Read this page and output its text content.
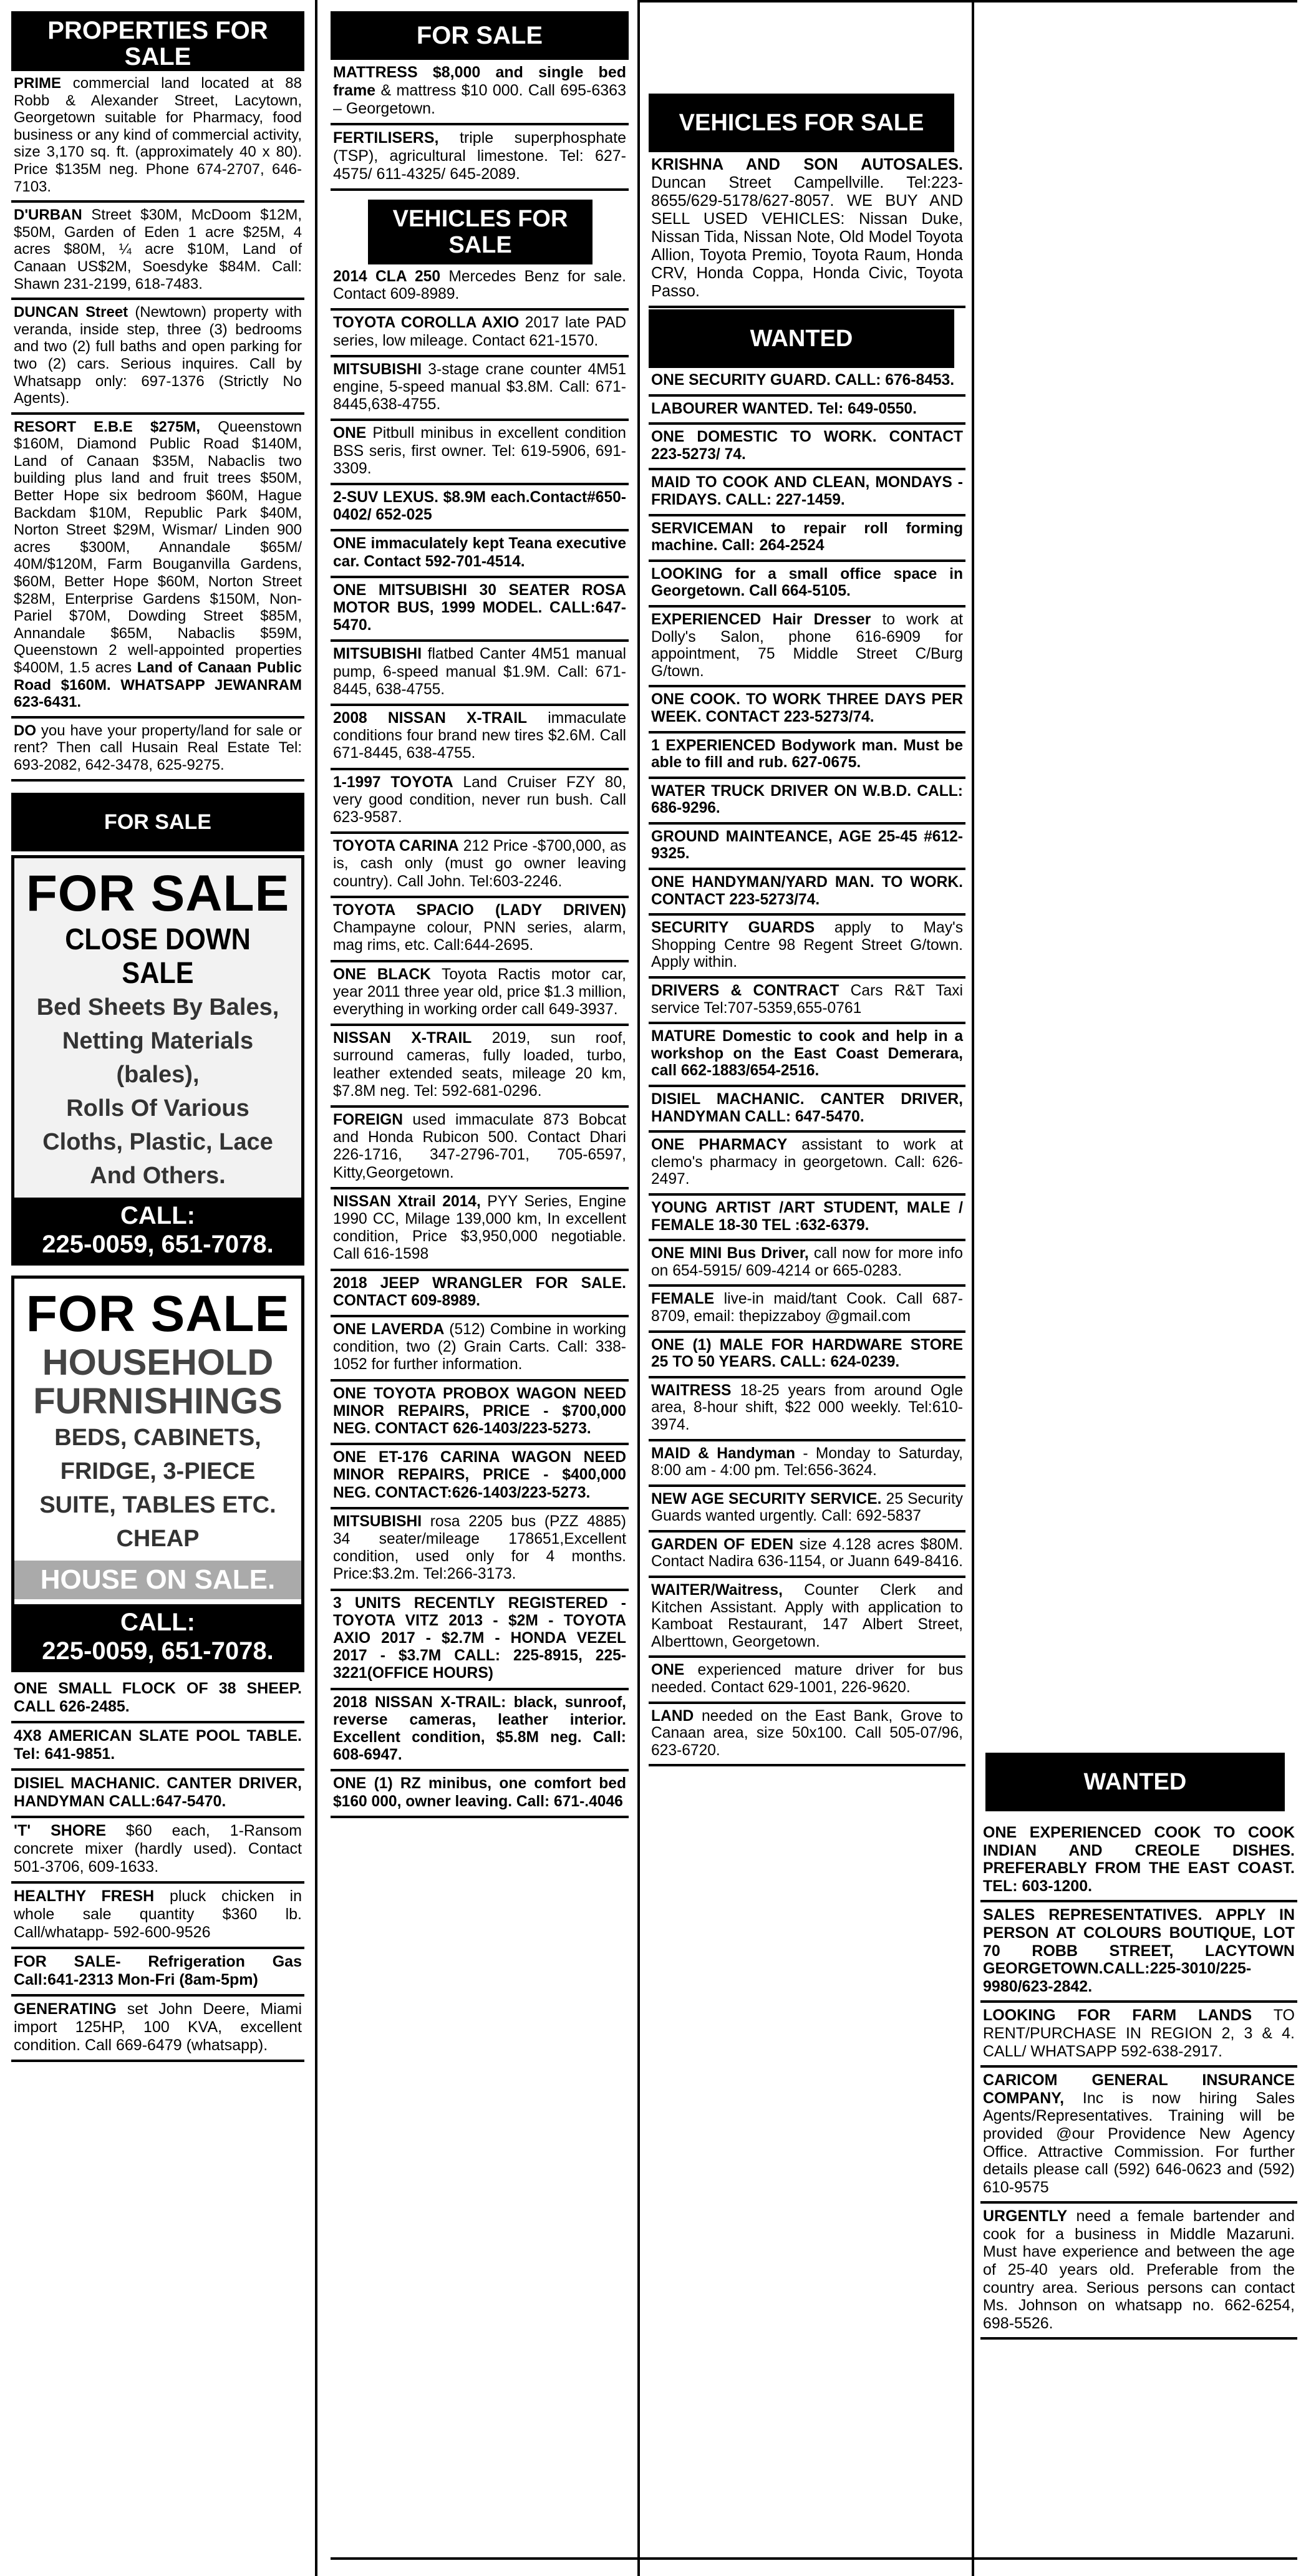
PROPERTIES FOR SALE
PRIME commercial land located at 88 Robb & Alexander Street, Lacytown, Georgetown suitable for Pharmacy, food business or any kind of commercial activity, size 3,170 sq. ft. (approximately 40 x 80). Price $135M neg. Phone 674-2707, 646-7103.
D'URBAN Street $30M, McDoom $12M, $50M, Garden of Eden 1 acre $25M, 4 acres $80M, ¼ acre $10M, Land of Canaan US$2M, Soesdyke $84M. Call: Shawn 231-2199, 618-7483.
DUNCAN Street (Newtown) property with veranda, inside step, three (3) bedrooms and two (2) full baths and open parking for two (2) cars. Serious inquires. Call by Whatsapp only: 697-1376 (Strictly No Agents).
RESORT E.B.E $275M, Queenstown $160M, Diamond Public Road $140M, Land of Canaan $35M, Nabaclis two building plus land and fruit trees $50M, Better Hope six bedroom $60M, Hague Backdam $10M, Republic Park $40M, Norton Street $29M, Wismar/ Linden 900 acres $300M, Annandale $65M/ 40M/$120M, Farm Bouganvilla Gardens, $60M, Better Hope $60M, Norton Street $28M, Enterprise Gardens $150M, Non-Pariel $70M, Dowding Street $85M, Annandale $65M, Nabaclis $59M, Queenstown 2 well-appointed properties $400M, 1.5 acres Land of Canaan Public Road $160M. WHATSAPP JEWANRAM 623-6431.
DO you have your property/land for sale or rent? Then call Husain Real Estate Tel: 693-2082, 642-3478, 625-9275.
FOR SALE
FOR SALE
CLOSE DOWN SALE
Bed Sheets By Bales,
Netting Materials
(bales),
Rolls Of Various
Cloths, Plastic, Lace
And Others.
CALL:
225-0059, 651-7078.
FOR SALE
HOUSEHOLD FURNISHINGS
BEDS, CABINETS,
FRIDGE, 3-PIECE
SUITE, TABLES ETC.
CHEAP
HOUSE ON SALE.
CALL:
225-0059, 651-7078.
ONE SMALL FLOCK OF 38 SHEEP. CALL 626-2485.
4X8 AMERICAN SLATE POOL TABLE. Tel: 641-9851.
DISIEL MACHANIC. CANTER DRIVER, HANDYMAN CALL:647-5470.
'T' SHORE $60 each, 1-Ransom concrete mixer (hardly used). Contact 501-3706, 609-1633.
HEALTHY FRESH pluck chicken in whole sale quantity $360 lb. Call/whatapp- 592-600-9526
FOR SALE- Refrigeration Gas Call:641-2313 Mon-Fri (8am-5pm)
GENERATING set John Deere, Miami import 125HP, 100 KVA, excellent condition. Call 669-6479 (whatsapp).
FOR SALE
MATTRESS $8,000 and single bed frame & mattress $10 000. Call 695-6363 – Georgetown.
FERTILISERS, triple superphosphate (TSP), agricultural limestone. Tel: 627-4575/ 611-4325/ 645-2089.
VEHICLES FOR SALE
2014 CLA 250 Mercedes Benz for sale. Contact 609-8989.
TOYOTA COROLLA AXIO 2017 late PAD series, low mileage. Contact 621-1570.
MITSUBISHI 3-stage crane counter 4M51 engine, 5-speed manual $3.8M. Call: 671-8445,638-4755.
ONE Pitbull minibus in excellent condition BSS seris, first owner. Tel: 619-5906, 691-3309.
2-SUV LEXUS. $8.9M each.Contact#650-0402/ 652-025
ONE immaculately kept Teana executive car. Contact 592-701-4514.
ONE MITSUBISHI 30 SEATER ROSA MOTOR BUS, 1999 MODEL. CALL:647-5470.
MITSUBISHI flatbed Canter 4M51 manual pump, 6-speed manual $1.9M. Call: 671-8445, 638-4755.
2008 NISSAN X-TRAIL immaculate conditions four brand new tires $2.6M. Call 671-8445, 638-4755.
1-1997 TOYOTA Land Cruiser FZY 80, very good condition, never run bush. Call 623-9587.
TOYOTA CARINA 212 Price -$700,000, as is, cash only (must go owner leaving country). Call John. Tel:603-2246.
TOYOTA SPACIO (LADY DRIVEN) Champayne colour, PNN series, alarm, mag rims, etc. Call:644-2695.
ONE BLACK Toyota Ractis motor car, year 2011 three year old, price $1.3 million, everything in working order call 649-3937.
NISSAN X-TRAIL 2019, sun roof, surround cameras, fully loaded, turbo, leather extended seats, mileage 20 km, $7.8M neg. Tel: 592-681-0296.
FOREIGN used immaculate 873 Bobcat and Honda Rubicon 500. Contact Dhari 226-1716, 347-2796-701, 705-6597, Kitty,Georgetown.
NISSAN Xtrail 2014, PYY Series, Engine 1990 CC, Milage 139,000 km, In excellent condition, Price $3,950,000 negotiable. Call 616-1598
2018 JEEP WRANGLER FOR SALE. CONTACT 609-8989.
ONE LAVERDA (512) Combine in working condition, two (2) Grain Carts. Call: 338-1052 for further information.
ONE TOYOTA PROBOX WAGON NEED MINOR REPAIRS, PRICE - $700,000 NEG. CONTACT 626-1403/223-5273.
ONE ET-176 CARINA WAGON NEED MINOR REPAIRS, PRICE - $400,000 NEG. CONTACT:626-1403/223-5273.
MITSUBISHI rosa 2205 bus (PZZ 4885) 34 seater/mileage 178651,Excellent condition, used only for 4 months. Price:$3.2m. Tel:266-3173.
3 UNITS RECENTLY REGISTERED - TOYOTA VITZ 2013 - $2M - TOYOTA AXIO 2017 - $2.7M - HONDA VEZEL 2017 - $3.7M CALL: 225-8915, 225-3221(OFFICE HOURS)
2018 NISSAN X-TRAIL: black, sunroof, reverse cameras, leather interior. Excellent condition, $5.8M neg. Call: 608-6947.
ONE (1) RZ minibus, one comfort bed $160 000, owner leaving. Call: 671-.4046
VEHICLES FOR SALE
KRISHNA AND SON AUTOSALES. Duncan Street Campellville. Tel:223-8655/629-5178/627-8057. WE BUY AND SELL USED VEHICLES: Nissan Duke, Nissan Tida, Nissan Note, Old Model Toyota Allion, Toyota Premio, Toyota Raum, Honda CRV, Honda Coppa, Honda Civic, Toyota Passo.
WANTED
ONE SECURITY GUARD. CALL: 676-8453.
LABOURER WANTED. Tel: 649-0550.
ONE DOMESTIC TO WORK. CONTACT 223-5273/ 74.
MAID TO COOK AND CLEAN, MONDAYS - FRIDAYS. CALL: 227-1459.
SERVICEMAN to repair roll forming machine. Call: 264-2524
LOOKING for a small office space in Georgetown. Call 664-5105.
EXPERIENCED Hair Dresser to work at Dolly's Salon, phone 616-6909 for appointment, 75 Middle Street C/Burg G/town.
ONE COOK. TO WORK THREE DAYS PER WEEK. CONTACT 223-5273/74.
1 EXPERIENCED Bodywork man. Must be able to fill and rub. 627-0675.
WATER TRUCK DRIVER ON W.B.D. CALL: 686-9296.
GROUND MAINTEANCE, AGE 25-45 #612-9325.
ONE HANDYMAN/YARD MAN. TO WORK. CONTACT 223-5273/74.
SECURITY GUARDS apply to May's Shopping Centre 98 Regent Street G/town. Apply within.
DRIVERS & CONTRACT Cars R&T Taxi service Tel:707-5359,655-0761
MATURE Domestic to cook and help in a workshop on the East Coast Demerara, call 662-1883/654-2516.
DISIEL MACHANIC. CANTER DRIVER, HANDYMAN CALL: 647-5470.
ONE PHARMACY assistant to work at clemo's pharmacy in georgetown. Call: 626-2497.
YOUNG ARTIST /ART STUDENT, MALE / FEMALE 18-30 TEL :632-6379.
ONE MINI Bus Driver, call now for more info on 654-5915/ 609-4214 or 665-0283.
FEMALE live-in maid/tant Cook. Call 687-8709, email: thepizzaboy @gmail.com
ONE (1) MALE FOR HARDWARE STORE 25 TO 50 YEARS. CALL: 624-0239.
WAITRESS 18-25 years from around Ogle area, 8-hour shift, $22 000 weekly. Tel:610-3974.
MAID & Handyman - Monday to Saturday, 8:00 am - 4:00 pm. Tel:656-3624.
NEW AGE SECURITY SERVICE. 25 Security Guards wanted urgently. Call: 692-5837
GARDEN OF EDEN size 4.128 acres $80M. Contact Nadira 636-1154, or Juann 649-8416.
WAITER/Waitress, Counter Clerk and Kitchen Assistant. Apply with application to Kamboat Restaurant, 147 Albert Street, Alberttown, Georgetown.
ONE experienced mature driver for bus needed. Contact 629-1001, 226-9620.
LAND needed on the East Bank, Grove to Canaan area, size 50x100. Call 505-07/96, 623-6720.
WANTED
ONE EXPERIENCED COOK TO COOK INDIAN AND CREOLE DISHES. PREFERABLY FROM THE EAST COAST. TEL: 603-1200.
SALES REPRESENTATIVES. APPLY IN PERSON AT COLOURS BOUTIQUE, LOT 70 ROBB STREET, LACYTOWN GEORGETOWN.CALL:225-3010/225-9980/623-2842.
LOOKING FOR FARM LANDS TO RENT/PURCHASE IN REGION 2, 3 & 4. CALL/ WHATSAPP 592-638-2917.
CARICOM GENERAL INSURANCE COMPANY, Inc is now hiring Sales Agents/Representatives. Training will be provided @our Providence New Agency Office. Attractive Commission. For further details please call (592) 646-0623 and (592) 610-9575
URGENTLY need a female bartender and cook for a business in Middle Mazaruni. Must have experience and between the age of 25-40 years old. Preferable from the country area. Serious persons can contact Ms. Johnson on whatsapp no. 662-6254, 698-5526.
